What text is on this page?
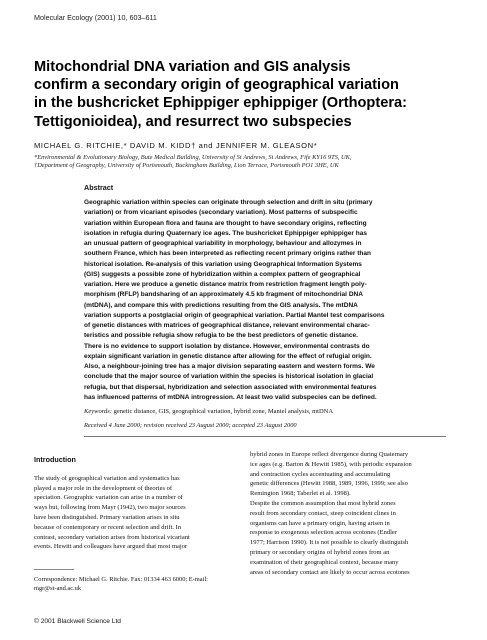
Molecular Ecology (2001) 10, 603–611
Mitochondrial DNA variation and GIS analysis
confirm a secondary origin of geographical variation
in the bushcricket Ephippiger ephippiger (Orthoptera:
Tettigonioidea), and resurrect two subspecies
MICHAEL G. RITCHIE,* DAVID M. KIDD† and JENNIFER M. GLEASON*
*Environmental & Evolutionary Biology, Bute Medical Building, University of St Andrews, St Andrews, Fife KY16 9TS, UK,
†Department of Geography, University of Portsmouth, Buckingham Building, Lion Terrace, Portsmouth PO1 3HE, UK
Abstract
Geographic variation within species can originate through selection and drift in situ (primary
variation) or from vicariant episodes (secondary variation). Most patterns of subspecific
variation within European flora and fauna are thought to have secondary origins, reflecting
isolation in refugia during Quaternary ice ages. The bushcricket Ephippiger ephippiger has
an unusual pattern of geographical variability in morphology, behaviour and allozymes in
southern France, which has been interpreted as reflecting recent primary origins rather than
historical isolation. Re-analysis of this variation using Geographical Information Systems
(GIS) suggests a possible zone of hybridization within a complex pattern of geographical
variation. Here we produce a genetic distance matrix from restriction fragment length poly-
morphism (RFLP) bandsharing of an approximately 4.5 kb fragment of mitochondrial DNA
(mtDNA), and compare this with predictions resulting from the GIS analysis. The mtDNA
variation supports a postglacial origin of geographical variation. Partial Mantel test comparisons
of genetic distances with matrices of geographical distance, relevant environmental charac-
teristics and possible refugia show refugia to be the best predictors of genetic distance.
There is no evidence to support isolation by distance. However, environmental contrasts do
explain significant variation in genetic distance after allowing for the effect of refugial origin.
Also, a neighbour-joining tree has a major division separating eastern and western forms. We
conclude that the major source of variation within the species is historical isolation in glacial
refugia, but that dispersal, hybridization and selection associated with environmental features
has influenced patterns of mtDNA introgression. At least two valid subspecies can be defined.
Keywords: genetic distance, GIS, geographical variation, hybrid zone, Mantel analysis, mtDNA
Received 4 June 2000; revision received 23 August 2000; accepted 23 August 2000
Introduction
The study of geographical variation and systematics has
played a major role in the development of theories of
speciation. Geographic variation can arise in a number of
ways but, following from Mayr (1942), two major sources
have been distinguished. Primary variation arises in situ
because of contemporary or recent selection and drift. In
contrast, secondary variation arises from historical vicariant
events. Hewitt and colleagues have argued that most major
hybrid zones in Europe reflect divergence during Quaternary
ice ages (e.g. Barton & Hewitt 1985), with periodic expansion
and contraction cycles accentuating and accumulating
genetic differences (Hewitt 1988, 1989, 1996, 1999; see also
Remington 1968; Taberlet et al. 1998).
Despite the common assumption that most hybrid zones
result from secondary contact, steep coincident clines in
organisms can have a primary origin, having arisen in
response to exogenous selection across ecotones (Endler
1977; Harrison 1990). It is not possible to clearly distinguish
primary or secondary origins of hybrid zones from an
examination of their geographical context, because many
areas of secondary contact are likely to occur across ecotones
Correspondence: Michael G. Ritchie. Fax: 01334 463 6000; E-mail:
mgr@st-and.ac.uk
© 2001 Blackwell Science Ltd
